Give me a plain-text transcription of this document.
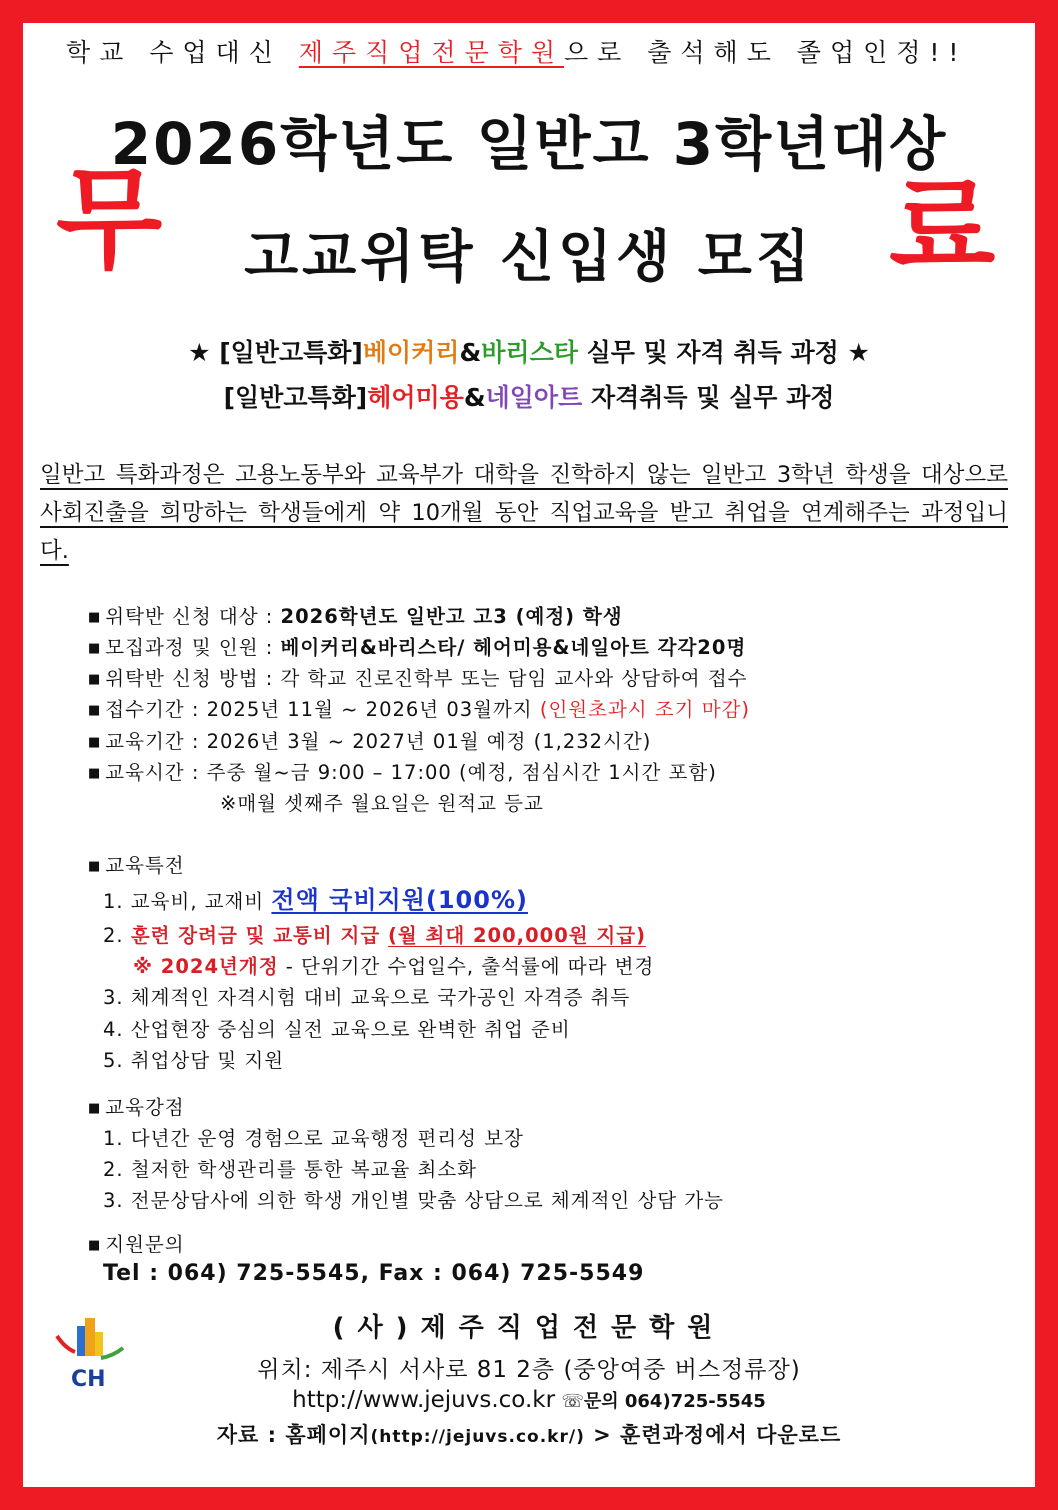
학교 수업대신 제주직업전문학원으로 출석해도 졸업인정!!
2026학년도 일반고 3학년대상
무	고교위탁 신입생 모집 료
★ [일반고특화]베이커리&바리스타 실무 및 자격 취득 과정 ★
[일반고특화]헤어미용&네일아트 자격취득 및 실무 과정
일반고 특화과정은 고용노동부와 교육부가 대학을 진학하지 않는 일반고 3학년 학생을 대상으로 사회진출을 희망하는 학생들에게 약 10개월 동안 직업교육을 받고 취업을 연계해주는 과정입니다.
■ 위탁반 신청 대상 : 2026학년도 일반고 고3 (예정) 학생
■ 모집과정 및 인원 : 베이커리&바리스타/ 헤어미용&네일아트 각각20명
■ 위탁반 신청 방법 : 각 학교 진로진학부 또는 담임 교사와 상담하여 접수
■ 접수기간 : 2025년 11월 ~ 2026년 03월까지 (인원초과시 조기 마감)
■ 교육기간 : 2026년 3월 ~ 2027년 01월 예정 (1,232시간)
■ 교육시간 : 주중 월~금 9:00 – 17:00 (예정, 점심시간 1시간 포함)
※매월 셋째주 월요일은 원적교 등교
■ 교육특전
1. 교육비, 교재비 전액 국비지원(100%)
2. 훈련 장려금 및 교통비 지급 (월 최대 200,000원 지급)
※ 2024년개정 - 단위기간 수업일수, 출석률에 따라 변경
3. 체계적인 자격시험 대비 교육으로 국가공인 자격증 취득
4. 산업현장 중심의 실전 교육으로 완벽한 취업 준비
5. 취업상담 및 지원
■ 교육강점
1. 다년간 운영 경험으로 교육행정 편리성 보장
2. 철저한 학생관리를 통한 복교율 최소화
3. 전문상담사에 의한 학생 개인별 맞춤 상담으로 체계적인 상담 가능
■ 지원문의
Tel : 064) 725-5545, Fax : 064) 725-5549
CH
(사)제주직업전문학원
위치: 제주시 서사로 81 2층 (중앙여중 버스정류장)
http://www.jejuvs.co.kr ☏문의 064)725-5545
자료 : 홈페이지(http://jejuvs.co.kr/) > 훈련과정에서 다운로드
